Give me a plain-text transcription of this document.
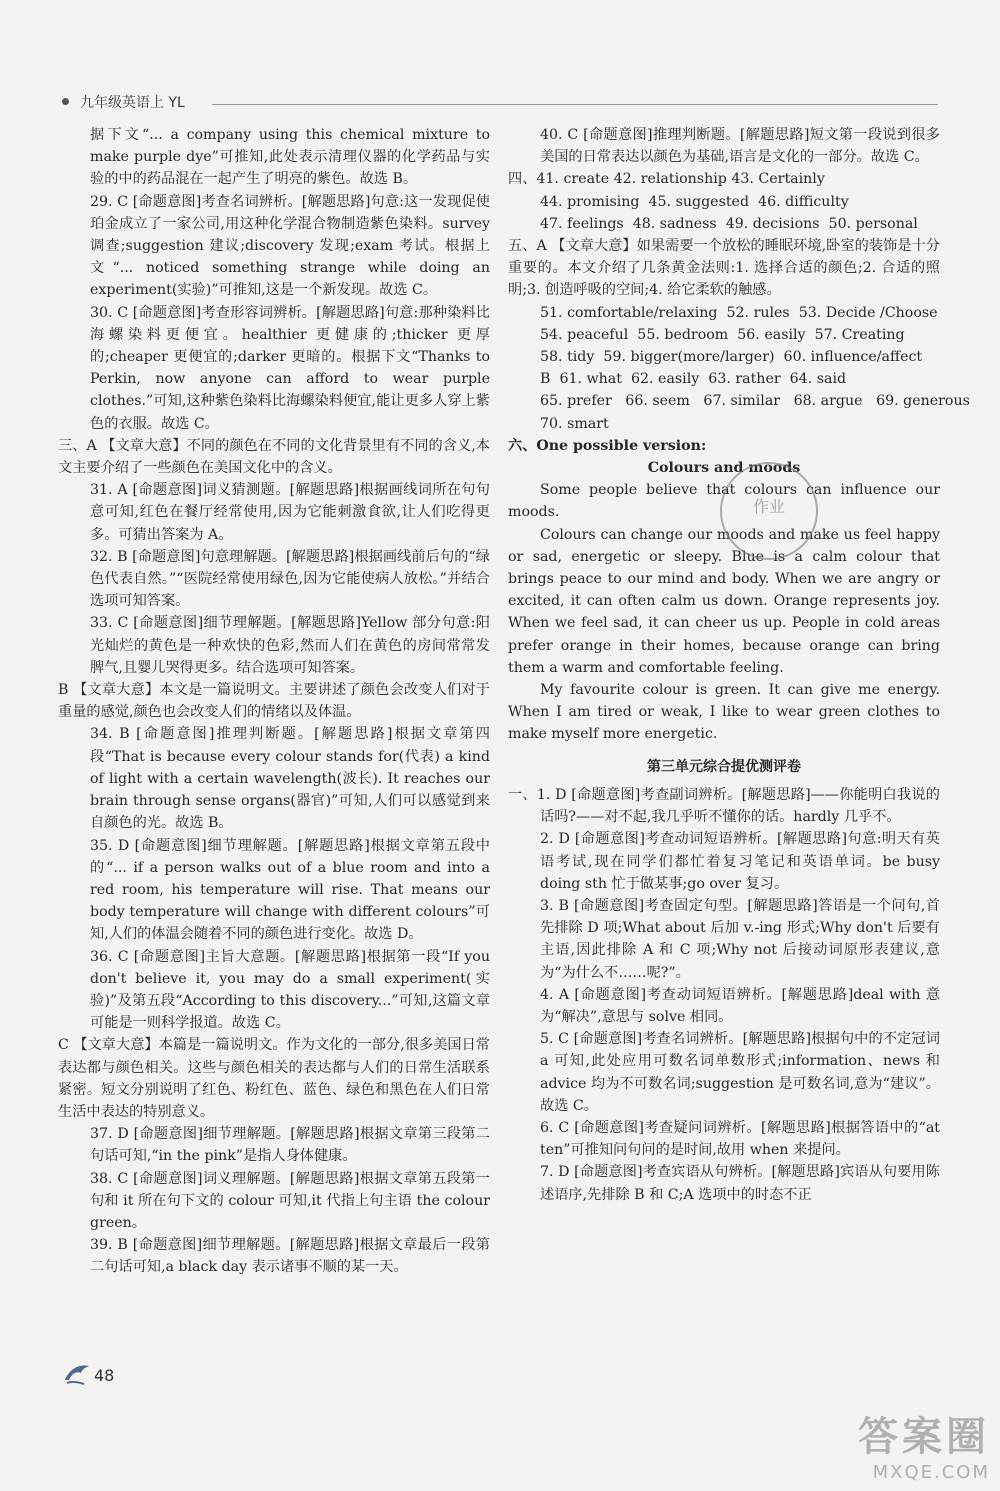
九年级英语上 YL

据下文“... a company using this chemical mixture to make purple dye”可推知,此处表示清理仪器的化学药品与实验的中的药品混在一起产生了明亮的紫色。故选 B。

29. C [命题意图]考查名词辨析。[解题思路]句意:这一发现促使珀金成立了一家公司,用这种化学混合物制造紫色染料。survey 调查;suggestion 建议;discovery 发现;exam 考试。根据上文“... noticed something strange while doing an experiment(实验)”可推知,这是一个新发现。故选 C。

30. C [命题意图]考查形容词辨析。[解题思路]句意:那种染料比海螺染料更便宜。healthier 更健康的;thicker 更厚的;cheaper 更便宜的;darker 更暗的。根据下文“Thanks to Perkin, now anyone can afford to wear purple clothes.”可知,这种紫色染料比海螺染料便宜,能让更多人穿上紫色的衣服。故选 C。

三、A 【文章大意】不同的颜色在不同的文化背景里有不同的含义,本文主要介绍了一些颜色在美国文化中的含义。

31. A [命题意图]词义猜测题。[解题思路]根据画线词所在句句意可知,红色在餐厅经常使用,因为它能刺激食欲,让人们吃得更多。可猜出答案为 A。

32. B [命题意图]句意理解题。[解题思路]根据画线前后句的“绿色代表自然。”“医院经常使用绿色,因为它能使病人放松。”并结合选项可知答案。

33. C [命题意图]细节理解题。[解题思路]Yellow 部分句意:阳光灿烂的黄色是一种欢快的色彩,然而人们在黄色的房间常常发脾气,且婴儿哭得更多。结合选项可知答案。

B 【文章大意】本文是一篇说明文。主要讲述了颜色会改变人们对于重量的感觉,颜色也会改变人们的情绪以及体温。

34. B [命题意图]推理判断题。[解题思路]根据文章第四段“That is because every colour stands for(代表) a kind of light with a certain wavelength(波长). It reaches our brain through sense organs(器官)”可知,人们可以感觉到来自颜色的光。故选 B。

35. D [命题意图]细节理解题。[解题思路]根据文章第五段中的“... if a person walks out of a blue room and into a red room, his temperature will rise. That means our body temperature will change with different colours”可知,人们的体温会随着不同的颜色进行变化。故选 D。

36. C [命题意图]主旨大意题。[解题思路]根据第一段“If you don't believe it, you may do a small experiment(实验)”及第五段“According to this discovery...”可知,这篇文章可能是一则科学报道。故选 C。

C 【文章大意】本篇是一篇说明文。作为文化的一部分,很多美国日常表达都与颜色相关。这些与颜色相关的表达都与人们的日常生活联系紧密。短文分别说明了红色、粉红色、蓝色、绿色和黑色在人们日常生活中表达的特别意义。

37. D [命题意图]细节理解题。[解题思路]根据文章第三段第二句话可知,“in the pink”是指人身体健康。

38. C [命题意图]词义理解题。[解题思路]根据文章第五段第一句和 it 所在句下文的 colour 可知,it 代指上句主语 the colour green。

39. B [命题意图]细节理解题。[解题思路]根据文章最后一段第二句话可知,a black day 表示诸事不顺的某一天。

40. C [命题意图]推理判断题。[解题思路]短文第一段说到很多美国的日常表达以颜色为基础,语言是文化的一部分。故选 C。

四、41. create 42. relationship 43. Certainly

44. promising  45. suggested  46. difficulty

47. feelings  48. sadness  49. decisions  50. personal

五、A 【文章大意】如果需要一个放松的睡眠环境,卧室的装饰是十分重要的。本文介绍了几条黄金法则:1. 选择合适的颜色;2. 合适的照明;3. 创造呼吸的空间;4. 给它柔软的触感。

51. comfortable/relaxing  52. rules  53. Decide /Choose

54. peaceful  55. bedroom  56. easily  57. Creating

58. tidy  59. bigger(more/larger)  60. influence/affect

B  61. what  62. easily  63. rather  64. said

65. prefer   66. seem   67. similar   68. argue   69. generous

70. smart

六、One possible version:

Colours and moods

Some people believe that colours can influence our moods.

Colours can change our moods and make us feel happy or sad, energetic or sleepy. Blue is a calm colour that brings peace to our mind and body. When we are angry or excited, it can often calm us down. Orange represents joy. When we feel sad, it can cheer us up. People in cold areas prefer orange in their homes, because orange can bring them a warm and comfortable feeling.

My favourite colour is green. It can give me energy. When I am tired or weak, I like to wear green clothes to make myself more energetic.

第三单元综合提优测评卷

一、1. D [命题意图]考查副词辨析。[解题思路]——你能明白我说的话吗?——对不起,我几乎听不懂你的话。hardly 几乎不。

2. D [命题意图]考查动词短语辨析。[解题思路]句意:明天有英语考试,现在同学们都忙着复习笔记和英语单词。be busy doing sth 忙于做某事;go over 复习。

3. B [命题意图]考查固定句型。[解题思路]答语是一个问句,首先排除 D 项;What about 后加 v.-ing 形式;Why don't 后要有主语,因此排除 A 和 C 项;Why not 后接动词原形表建议,意为“为什么不……呢?”。

4. A [命题意图]考查动词短语辨析。[解题思路]deal with 意为“解决”,意思与 solve 相同。

5. C [命题意图]考查名词辨析。[解题思路]根据句中的不定冠词 a 可知,此处应用可数名词单数形式;information、news 和 advice 均为不可数名词;suggestion 是可数名词,意为“建议”。故选 C。

6. C [命题意图]考查疑问词辨析。[解题思路]根据答语中的“at ten”可推知问句问的是时间,故用 when 来提问。

7. D [命题意图]考查宾语从句辨析。[解题思路]宾语从句要用陈述语序,先排除 B 和 C;A 选项中的时态不正

作业
48
答案圈
MXQE.COM
